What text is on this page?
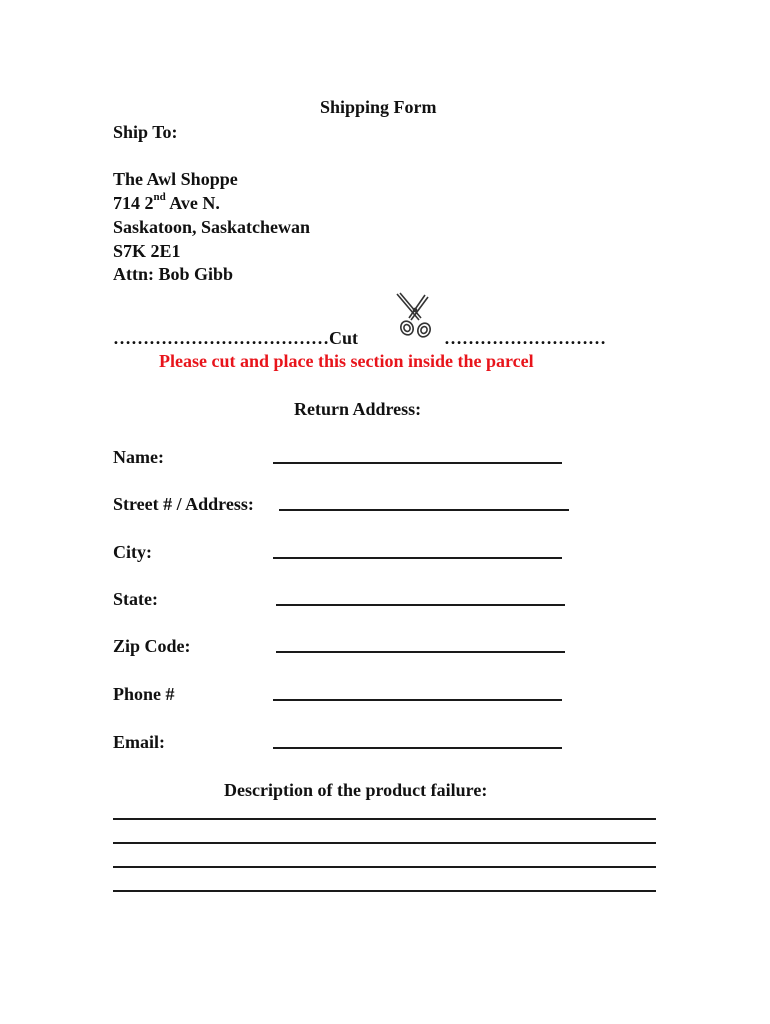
Shipping Form
Ship To:
The Awl Shoppe
714 2nd Ave N.
Saskatoon, Saskatchewan
S7K 2E1
Attn: Bob Gibb
………………………………Cut	………………………
Please cut and place this section inside the parcel
Return Address:
Name:
Street # / Address:
City:
State:
Zip Code:
Phone #
Email:
Description of the product failure:
